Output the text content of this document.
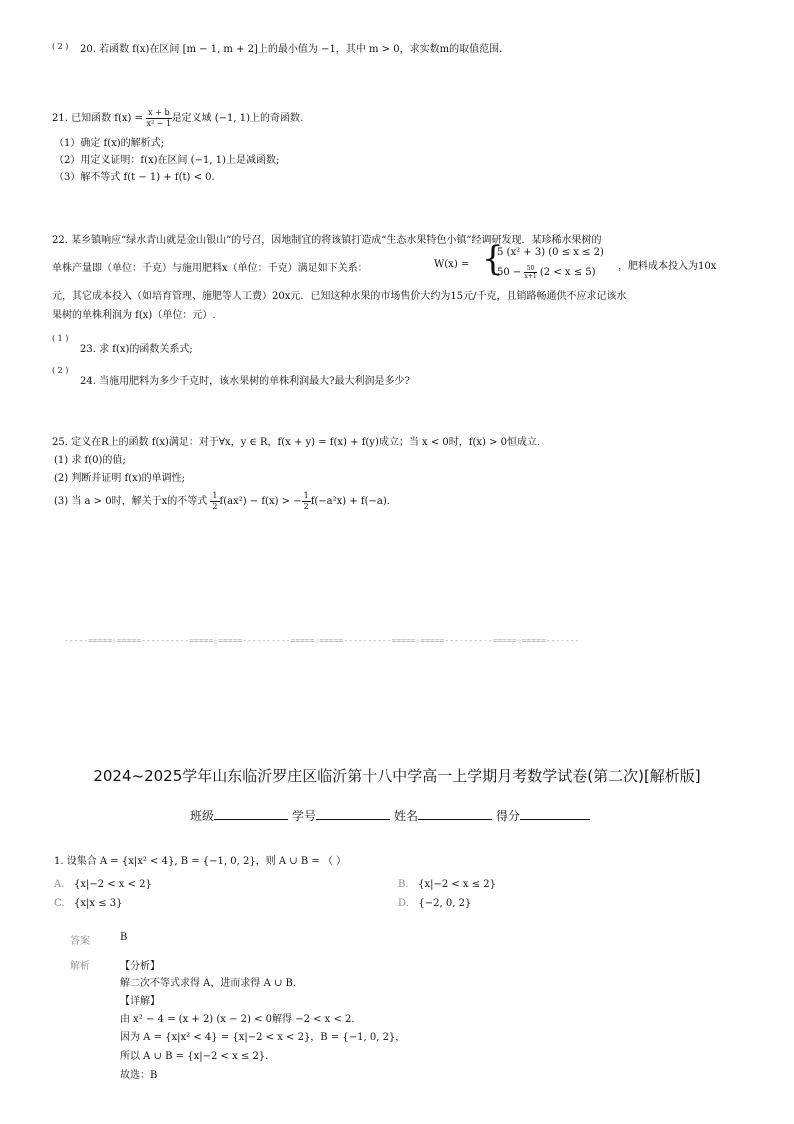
( 2 ) 20. 若函数 f(x)在区间 [m − 1, m + 2]上的最小值为 −1，其中 m > 0，求实数m的取值范围.
21. 已知函数 $f(x) = \frac{x + b}{\text{x² − 1}}$ 是定义域 (−1, 1)上的奇函数.
（1）确定 f(x)的解析式;
（2）用定义证明：f(x)在区间 (−1, 1)上是减函数;
（3）解不等式 f(t − 1) + f(t) < 0.
22. 某乡镇响应“绿水青山就是金山银山”的号召，因地制宜的将该镇打造成“生态水果特色小镇”经调研发现．某珍稀水果树的
单株产量即（单位：千克）与施用肥料x（单位：千克）满足如下关系：	W(x) = {
5 (x² + 3) (0 ≤ x ≤ 2)
$50 - \frac{50}{x+1} (2 < x \le 5)$
，肥料成本投入为10x
元，其它成本投入（如培育管理、施肥等人工费）20x元．已知这种水果的市场售价大约为15元/千克，且销路畅通供不应求记该水
果树的单株利润为 f(x)（单位：元）.
( 1 )
23. 求 f(x)的函数关系式;
( 2 )
24. 当施用肥料为多少千克时，该水果树的单株利润最大?最大利润是多少?
25. 定义在R上的函数 f(x)满足：对于∀x，y ∈ R，f(x + y) = f(x) + f(y)成立；当 x < 0时，f(x) > 0恒成立.
(1) 求 f(0)的值;
(2) 判断并证明 f(x)的单调性;
(3) 当 a > 0时，解关于x的不等式 $\frac{1}{2} f(ax^2) - f(x)$ > − $\frac{1}{2} f(-a^2x) + f(-a)$.
-----=====☆=====----------=====☆=====----------=====☆=====----------=====☆=====----------=====☆=====-------
2024~2025学年山东临沂罗庄区临沂第十八中学高一上学期月考数学试卷(第二次)[解析版]
班级	学号	姓名	得分
1. 设集合 A = {x|x² < 4}, B = {−1, 0, 2}，则 A ∪ B = （ ）
A. {x|−2 < x < 2}	B. {x|−2 < x ≤ 2}
C. {x|x ≤ 3}	D. {−2, 0, 2}
答案	B
解析	【分析】
解二次不等式求得 A，进而求得 A ∪ B.
【详解】
由 x² − 4 = (x + 2) (x − 2) < 0解得 −2 < x < 2.
因为 A = {x|x² < 4} = {x|−2 < x < 2}，B = {−1, 0, 2}，
所以 A ∪ B = {x|−2 < x ≤ 2}.
故选：B
